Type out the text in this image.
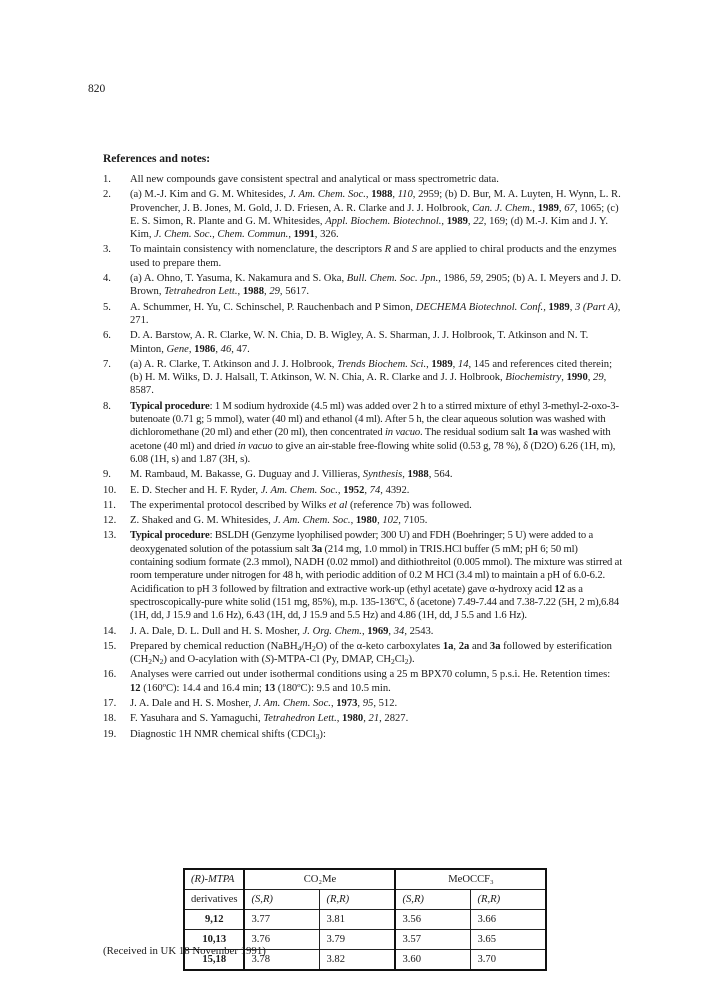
820
References and notes:
1.	All new compounds gave consistent spectral and analytical or mass spectrometric data.
2.	(a) M.-J. Kim and G. M. Whitesides, J. Am. Chem. Soc., 1988, 110, 2959; (b) D. Bur, M. A. Luyten, H. Wynn, L. R. Provencher, J. B. Jones, M. Gold, J. D. Friesen, A. R. Clarke and J. J. Holbrook, Can. J. Chem., 1989, 67, 1065; (c) E. S. Simon, R. Plante and G. M. Whitesides, Appl. Biochem. Biotechnol., 1989, 22, 169; (d) M.-J. Kim and J. Y. Kim, J. Chem. Soc., Chem. Commun., 1991, 326.
3.	To maintain consistency with nomenclature, the descriptors R and S are applied to chiral products and the enzymes used to prepare them.
4.	(a) A. Ohno, T. Yasuma, K. Nakamura and S. Oka, Bull. Chem. Soc. Jpn., 1986, 59, 2905; (b) A. I. Meyers and J. D. Brown, Tetrahedron Lett., 1988, 29, 5617.
5.	A. Schummer, H. Yu, C. Schinschel, P. Rauchenbach and P Simon, DECHEMA Biotechnol. Conf., 1989, 3 (Part A), 271.
6.	D. A. Barstow, A. R. Clarke, W. N. Chia, D. B. Wigley, A. S. Sharman, J. J. Holbrook, T. Atkinson and N. T. Minton, Gene, 1986, 46, 47.
7.	(a) A. R. Clarke, T. Atkinson and J. J. Holbrook, Trends Biochem. Sci., 1989, 14, 145 and references cited therein; (b) H. M. Wilks, D. J. Halsall, T. Atkinson, W. N. Chia, A. R. Clarke and J. J. Holbrook, Biochemistry, 1990, 29, 8587.
8.	Typical procedure: 1 M sodium hydroxide (4.5 ml) was added over 2 h to a stirred mixture of ethyl 3-methyl-2-oxo-3-butenoate (0.71 g; 5 mmol), water (40 ml) and ethanol (4 ml). After 5 h, the clear aqueous solution was washed with dichloromethane (20 ml) and ether (20 ml), then concentrated in vacuo. The residual sodium salt 1a was washed with acetone (40 ml) and dried in vacuo to give an air-stable free-flowing white solid (0.53 g, 78 %), δ (D2O) 6.26 (1H, m), 6.08 (1H, s) and 1.87 (3H, s).
9.	M. Rambaud, M. Bakasse, G. Duguay and J. Villieras, Synthesis, 1988, 564.
10.	E. D. Stecher and H. F. Ryder, J. Am. Chem. Soc., 1952, 74, 4392.
11.	The experimental protocol described by Wilks et al (reference 7b) was followed.
12.	Z. Shaked and G. M. Whitesides, J. Am. Chem. Soc., 1980, 102, 7105.
13.	Typical procedure: BSLDH (Genzyme lyophilised powder; 300 U) and FDH (Boehringer; 5 U) were added to a deoxygenated solution of the potassium salt 3a (214 mg, 1.0 mmol) in TRIS.HCl buffer (5 mM; pH 6; 50 ml) containing sodium formate (2.3 mmol), NADH (0.02 mmol) and dithiothreitol (0.005 mmol). The mixture was stirred at room temperature under nitrogen for 48 h, with periodic addition of 0.2 M HCl (3.4 ml) to maintain a pH of 6.0-6.2. Acidification to pH 3 followed by filtration and extractive work-up (ethyl acetate) gave α-hydroxy acid 12 as a spectroscopically-pure white solid (151 mg, 85%), m.p. 135-136ºC, δ (acetone) 7.49-7.44 and 7.38-7.22 (5H, 2 m),6.84 (1H, dd, J 15.9 and 1.6 Hz), 6.43 (1H, dd, J 15.9 and 5.5 Hz) and 4.86 (1H, dd, J 5.5 and 1.6 Hz).
14.	J. A. Dale, D. L. Dull and H. S. Mosher, J. Org. Chem., 1969, 34, 2543.
15.	Prepared by chemical reduction $(NaBH_4/H_2O)$ of the α-keto carboxylates 1a, 2a and 3a followed by esterification $(CH_2N_2)$ and O-acylation with (S)-MTPA-Cl (Py, DMAP, $CH_2Cl_2$).
16.	Analyses were carried out under isothermal conditions using a 25 m BPX70 column, 5 p.s.i. He. Retention times: 12 (160ºC): 14.4 and 16.4 min; 13 (180ºC): 9.5 and 10.5 min.
17.	J. A. Dale and H. S. Mosher, J. Am. Chem. Soc., 1973, 95, 512.
18.	F. Yasuhara and S. Yamaguchi, Tetrahedron Lett., 1980, 21, 2827.
19.	Diagnostic 1H NMR chemical shifts (CDCl$_3$):
(R)-MTPA	CO₂Me		MeOCCF₃	
derivatives	(S,R)	(R,R)	(S,R)	(R,R)
9,12	3.77	3.81	3.56	3.66
10,13	3.76	3.79	3.57	3.65
15,18	3.78	3.82	3.60	3.70
(Received in UK 18 November 1991)
